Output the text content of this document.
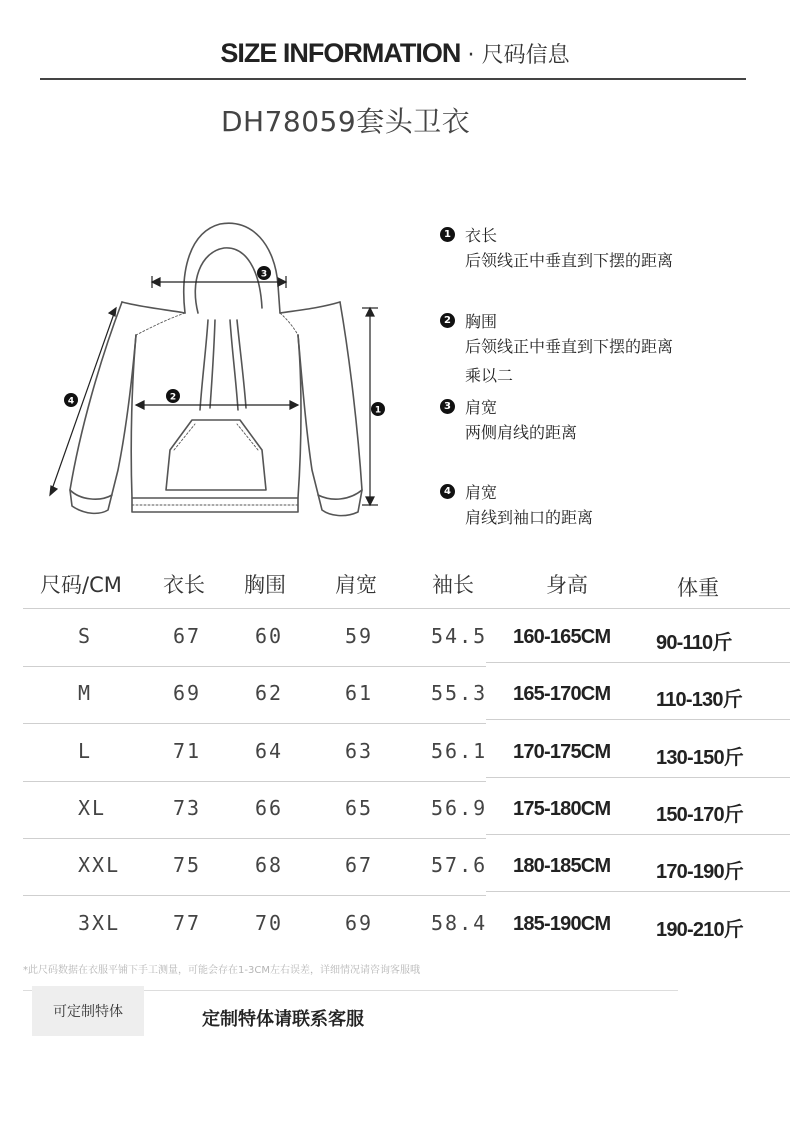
SIZE INFORMATION · 尺码信息
DH78059套头卫衣
3
2
1
4
1 衣长
后领线正中垂直到下摆的距离
2 胸围
后领线正中垂直到下摆的距离
乘以二
3 肩宽
两侧肩线的距离
4 肩宽
肩线到袖口的距离
尺码/CM 衣长 胸围 肩宽	袖长	身高	体重
S	67	60	59	54.5 160-165CM 90-110斤
M	69	62	61	55.3 165-170CM 110-130斤
L	71	64	63	56.1 170-175CM 130-150斤
XL	73	66	65	56.9 175-180CM 150-170斤
XXL	75	68	67	57.6 180-185CM 170-190斤
3XL	77	70	69	58.4 185-190CM 190-210斤
*此尺码数据在衣服平铺下手工测量，可能会存在1-3CM左右误差，详细情况请咨询客服哦
可定制特体	定制特体请联系客服
